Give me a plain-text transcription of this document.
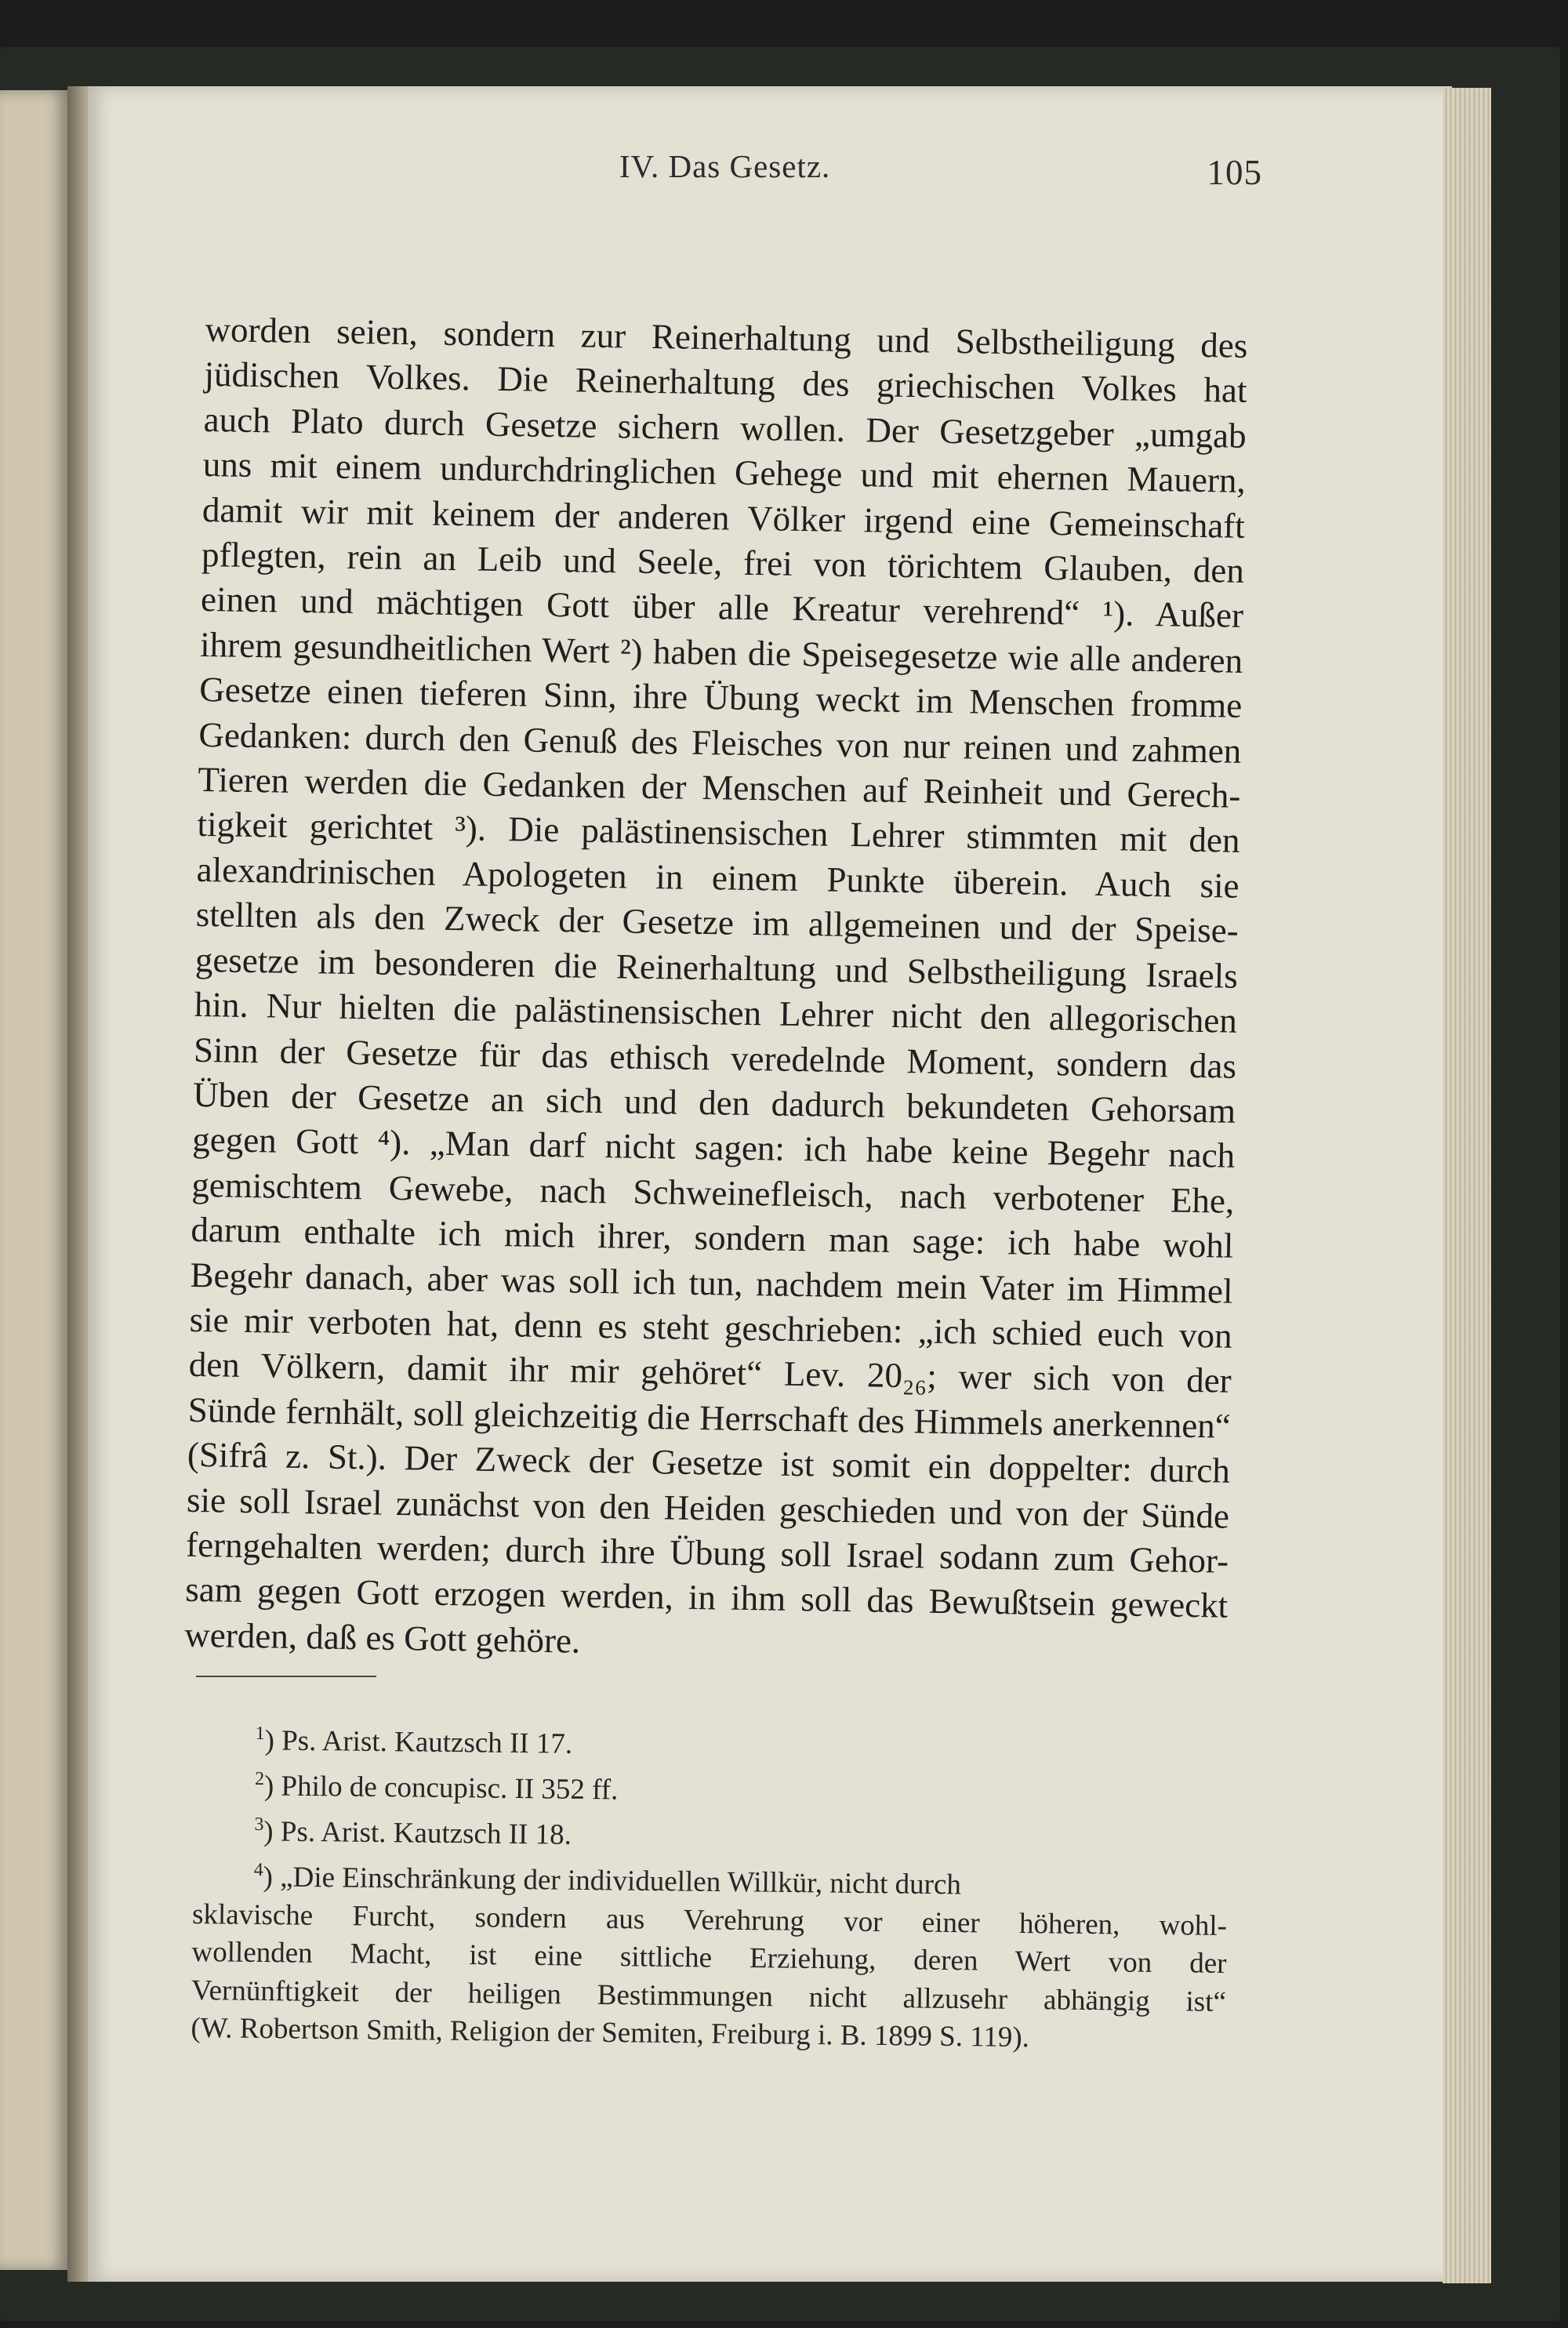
IV. Das Gesetz.	105
worden seien, sondern zur Reinerhaltung und Selbstheiligung des
jüdischen Volkes. Die Reinerhaltung des griechischen Volkes hat
auch Plato durch Gesetze sichern wollen. Der Gesetzgeber „umgab
uns mit einem undurchdringlichen Gehege und mit ehernen Mauern,
damit wir mit keinem der anderen Völker irgend eine Gemeinschaft
pflegten, rein an Leib und Seele, frei von törichtem Glauben, den
einen und mächtigen Gott über alle Kreatur verehrend“ ¹). Außer
ihrem gesundheitlichen Wert ²) haben die Speisegesetze wie alle anderen
Gesetze einen tieferen Sinn, ihre Übung weckt im Menschen fromme
Gedanken: durch den Genuß des Fleisches von nur reinen und zahmen
Tieren werden die Gedanken der Menschen auf Reinheit und Gerech-
tigkeit gerichtet ³). Die palästinensischen Lehrer stimmten mit den
alexandrinischen Apologeten in einem Punkte überein. Auch sie
stellten als den Zweck der Gesetze im allgemeinen und der Speise-
gesetze im besonderen die Reinerhaltung und Selbstheiligung Israels
hin. Nur hielten die palästinensischen Lehrer nicht den allegorischen
Sinn der Gesetze für das ethisch veredelnde Moment, sondern das
Üben der Gesetze an sich und den dadurch bekundeten Gehorsam
gegen Gott ⁴). „Man darf nicht sagen: ich habe keine Begehr nach
gemischtem Gewebe, nach Schweinefleisch, nach verbotener Ehe,
darum enthalte ich mich ihrer, sondern man sage: ich habe wohl
Begehr danach, aber was soll ich tun, nachdem mein Vater im Himmel
sie mir verboten hat, denn es steht geschrieben: „ich schied euch von
den Völkern, damit ihr mir gehöret“ Lev. 20₂₆; wer sich von der
Sünde fernhält, soll gleichzeitig die Herrschaft des Himmels anerkennen“
(Sifrâ z. St.). Der Zweck der Gesetze ist somit ein doppelter: durch
sie soll Israel zunächst von den Heiden geschieden und von der Sünde
ferngehalten werden; durch ihre Übung soll Israel sodann zum Gehor-
sam gegen Gott erzogen werden, in ihm soll das Bewußtsein geweckt
werden, daß es Gott gehöre.
$^1$) Ps. Arist. Kautzsch II 17.
$^2$) Philo de concupisc. II 352 ff.
$^3$) Ps. Arist. Kautzsch II 18.
$^4$) „Die Einschränkung der individuellen Willkür, nicht durch
sklavische Furcht, sondern aus Verehrung vor einer höheren, wohl-
wollenden Macht, ist eine sittliche Erziehung, deren Wert von der
Vernünftigkeit der heiligen Bestimmungen nicht allzusehr abhängig ist“
(W. Robertson Smith, Religion der Semiten, Freiburg i. B. 1899 S. 119).
